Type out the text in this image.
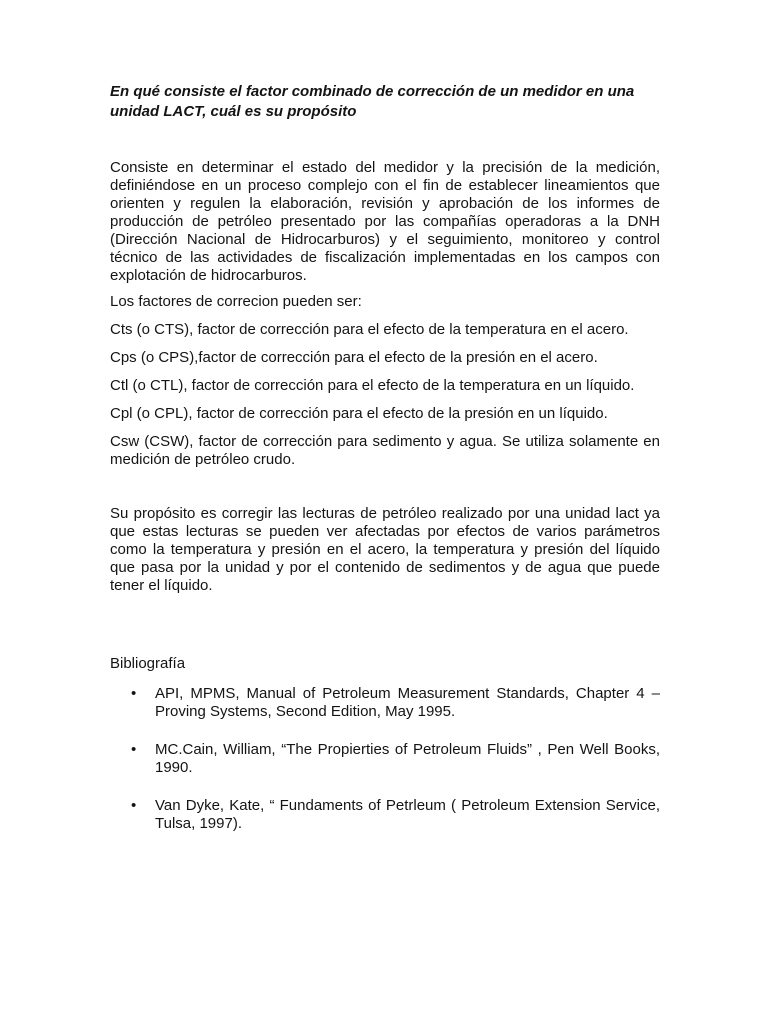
En qué consiste el factor combinado de corrección de un medidor en una unidad LACT, cuál es su propósito

Consiste en determinar el estado del medidor y la precisión de la medición, definiéndose en un proceso complejo con el fin de establecer lineamientos que orienten y regulen la elaboración, revisión y aprobación de los informes de producción de petróleo presentado por las compañías operadoras a la DNH (Dirección Nacional de Hidrocarburos) y el seguimiento, monitoreo y control técnico de las actividades de fiscalización implementadas en los campos con explotación de hidrocarburos.

Los factores de correcion pueden ser:

Cts (o CTS), factor de corrección para el efecto de la temperatura en el acero.

Cps (o CPS),factor de corrección para el efecto de la presión en el acero.

Ctl (o CTL), factor de corrección para el efecto de la temperatura en un líquido.

Cpl (o CPL), factor de corrección para el efecto de la presión en un líquido.

Csw (CSW), factor de corrección para sedimento y agua. Se utiliza solamente en medición de petróleo crudo.

Su propósito es corregir las lecturas de petróleo realizado por una unidad lact ya que estas lecturas se pueden ver afectadas por efectos de varios parámetros como la temperatura y presión en el acero, la temperatura y presión del líquido que pasa por la unidad y por el contenido de sedimentos y de agua que puede tener el líquido.

Bibliografía

• API, MPMS, Manual of Petroleum Measurement Standards, Chapter 4 – Proving Systems, Second Edition, May 1995.
• MC.Cain, William, “The Propierties of Petroleum Fluids” , Pen Well Books, 1990.
• Van Dyke, Kate, “ Fundaments of Petrleum ( Petroleum Extension Service, Tulsa, 1997).
